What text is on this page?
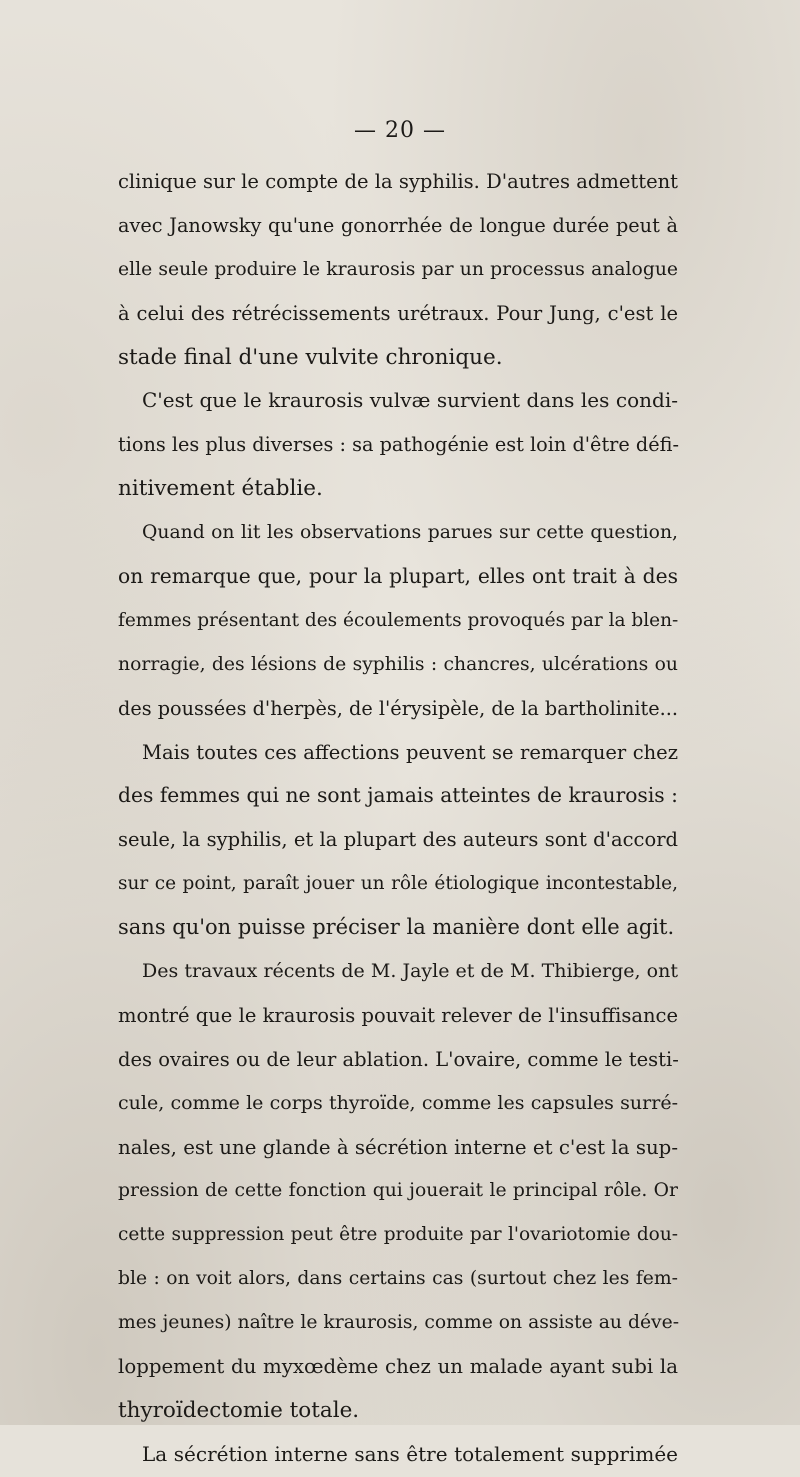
— 20 —
clinique sur le compte de la syphilis. D'autres admettent
avec Janowsky qu'une gonorrhée de longue durée peut à
elle seule produire le kraurosis par un processus analogue
à celui des rétrécissements urétraux. Pour Jung, c'est le
stade final d'une vulvite chronique.
C'est que le kraurosis vulvæ survient dans les condi-
tions les plus diverses : sa pathogénie est loin d'être défi-
nitivement établie.
Quand on lit les observations parues sur cette question,
on remarque que, pour la plupart, elles ont trait à des
femmes présentant des écoulements provoqués par la blen-
norragie, des lésions de syphilis : chancres, ulcérations ou
des poussées d'herpès, de l'érysipèle, de la bartholinite...
Mais toutes ces affections peuvent se remarquer chez
des femmes qui ne sont jamais atteintes de kraurosis :
seule, la syphilis, et la plupart des auteurs sont d'accord
sur ce point, paraît jouer un rôle étiologique incontestable,
sans qu'on puisse préciser la manière dont elle agit.
Des travaux récents de M. Jayle et de M. Thibierge, ont
montré que le kraurosis pouvait relever de l'insuffisance
des ovaires ou de leur ablation. L'ovaire, comme le testi-
cule, comme le corps thyroïde, comme les capsules surré-
nales, est une glande à sécrétion interne et c'est la sup-
pression de cette fonction qui jouerait le principal rôle. Or
cette suppression peut être produite par l'ovariotomie dou-
ble : on voit alors, dans certains cas (surtout chez les fem-
mes jeunes) naître le kraurosis, comme on assiste au déve-
loppement du myxœdème chez un malade ayant subi la
thyroïdectomie totale.
La sécrétion interne sans être totalement supprimée
